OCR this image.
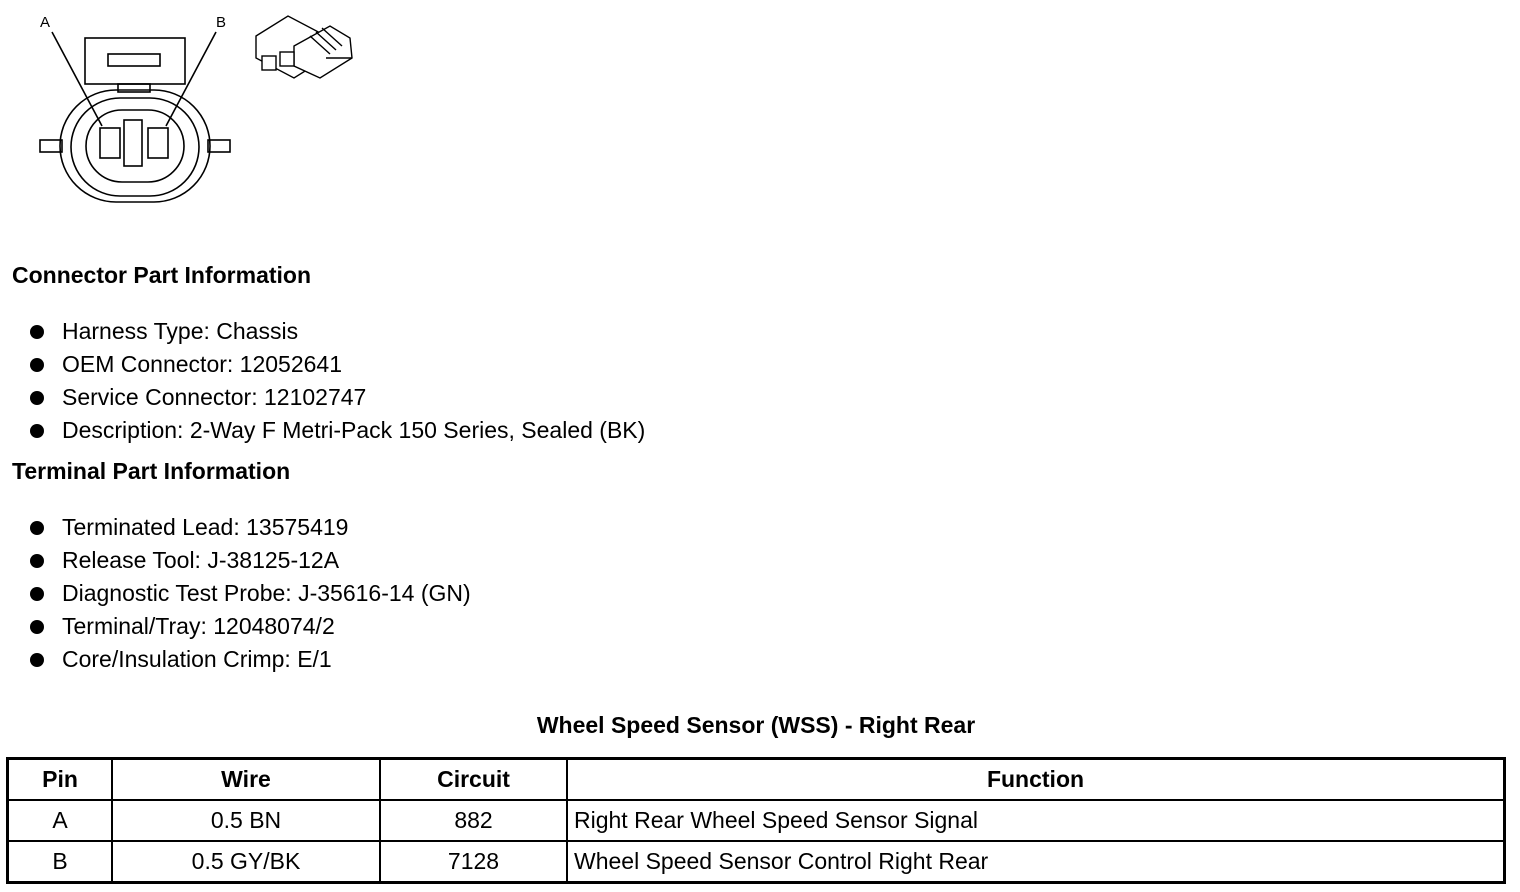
A	B
Connector Part Information
Harness Type: Chassis
OEM Connector: 12052641
Service Connector: 12102747
Description: 2-Way F Metri-Pack 150 Series, Sealed (BK)
Terminal Part Information
Terminated Lead: 13575419
Release Tool: J-38125-12A
Diagnostic Test Probe: J-35616-14 (GN)
Terminal/Tray: 12048074/2
Core/Insulation Crimp: E/1
Wheel Speed Sensor (WSS) - Right Rear
Pin	Wire	Circuit	Function
A	0.5 BN	882	Right Rear Wheel Speed Sensor Signal
B	0.5 GY/BK	7128	Wheel Speed Sensor Control Right Rear
